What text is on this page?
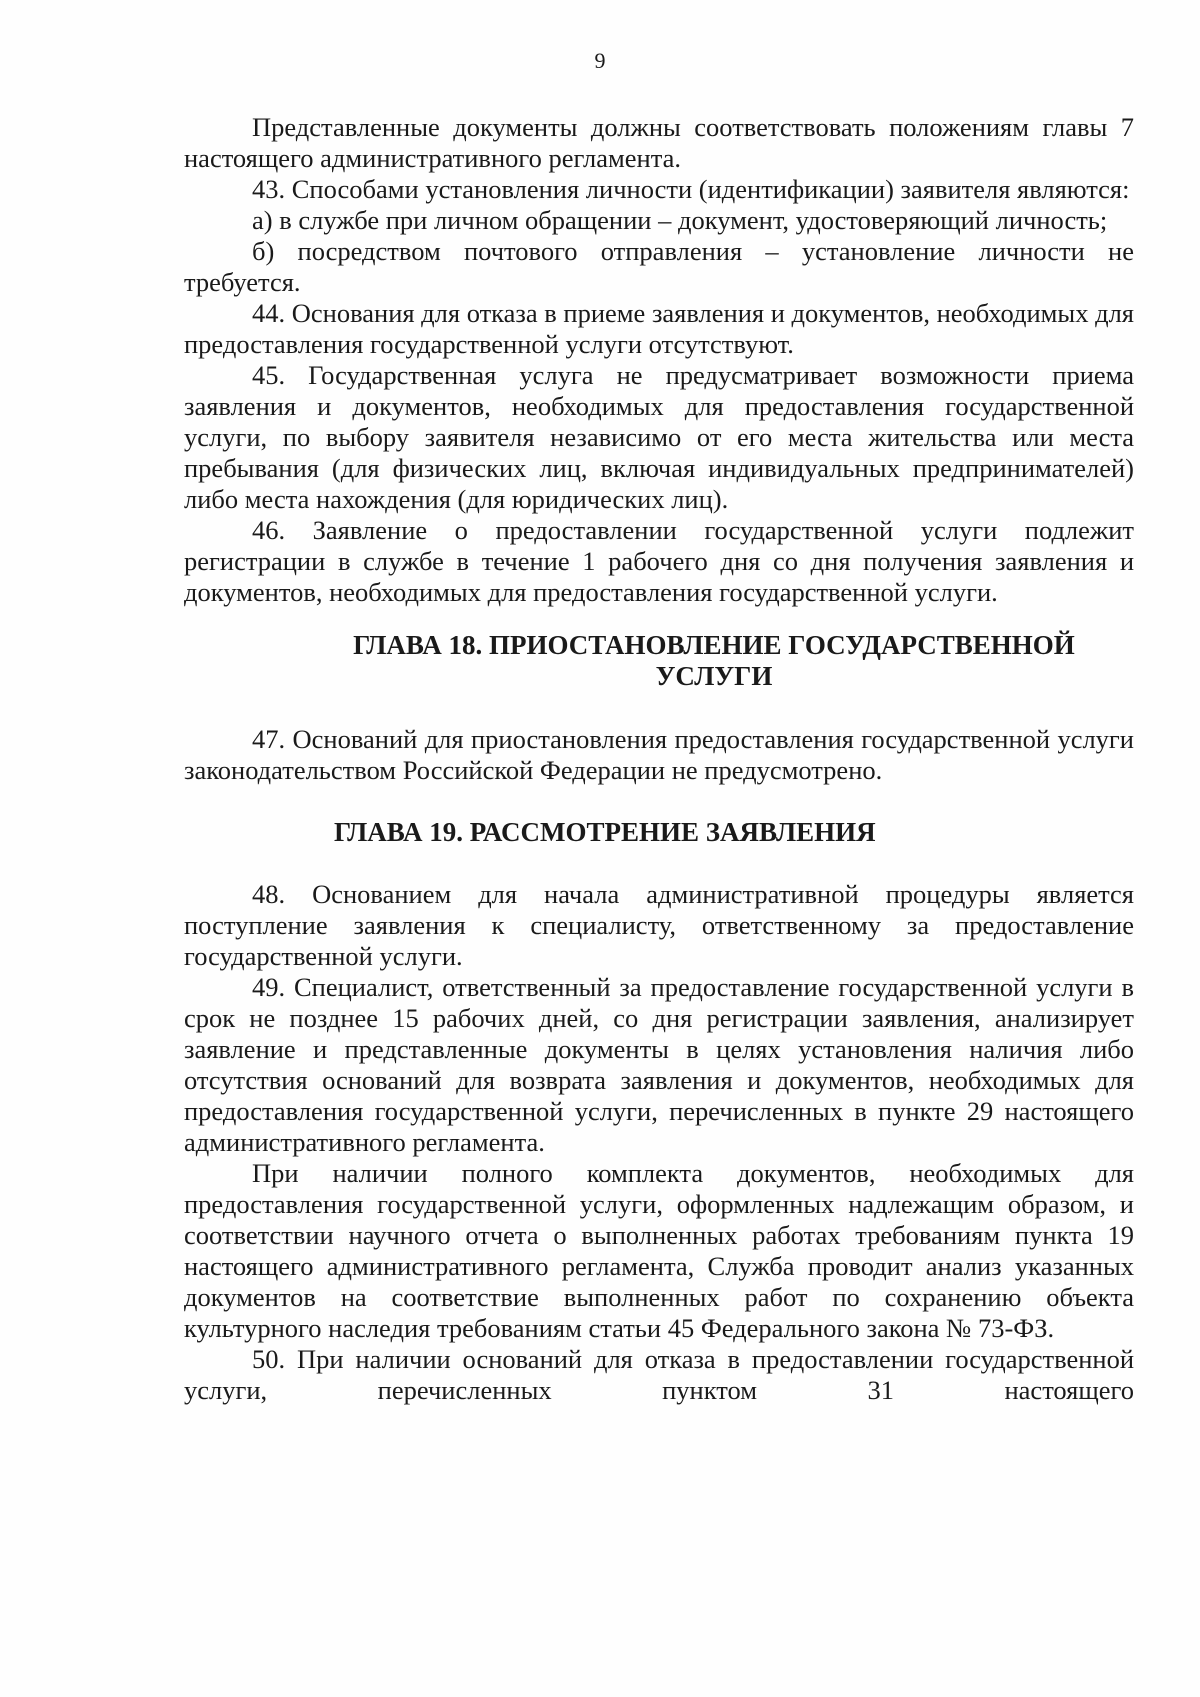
9

Представленные документы должны соответствовать положениям главы 7 настоящего административного регламента.

43. Способами установления личности (идентификации) заявителя являются:

а) в службе при личном обращении – документ, удостоверяющий личность;

б) посредством почтового отправления – установление личности не требуется.

44. Основания для отказа в приеме заявления и документов, необходимых для предоставления государственной услуги отсутствуют.

45. Государственная услуга не предусматривает возможности приема заявления и документов, необходимых для предоставления государственной услуги, по выбору заявителя независимо от его места жительства или места пребывания (для физических лиц, включая индивидуальных предпринимателей) либо места нахождения (для юридических лиц).

46. Заявление о предоставлении государственной услуги подлежит регистрации в службе в течение 1 рабочего дня со дня получения заявления и документов, необходимых для предоставления государственной услуги.

ГЛАВА 18. ПРИОСТАНОВЛЕНИЕ ГОСУДАРСТВЕННОЙ УСЛУГИ

47. Оснований для приостановления предоставления государственной услуги законодательством Российской Федерации не предусмотрено.

ГЛАВА 19. РАССМОТРЕНИЕ ЗАЯВЛЕНИЯ

48. Основанием для начала административной процедуры является поступление заявления к специалисту, ответственному за предоставление государственной услуги.

49. Специалист, ответственный за предоставление государственной услуги в срок не позднее 15 рабочих дней, со дня регистрации заявления, анализирует заявление и представленные документы в целях установления наличия либо отсутствия оснований для возврата заявления и документов, необходимых для предоставления государственной услуги, перечисленных в пункте 29 настоящего административного регламента.

При наличии полного комплекта документов, необходимых для предоставления государственной услуги, оформленных надлежащим образом, и соответствии научного отчета о выполненных работах требованиям пункта 19 настоящего административного регламента, Служба проводит анализ указанных документов на соответствие выполненных работ по сохранению объекта культурного наследия требованиям статьи 45 Федерального закона № 73-ФЗ.

50. При наличии оснований для отказа в предоставлении государственной услуги, перечисленных пунктом 31 настоящего
